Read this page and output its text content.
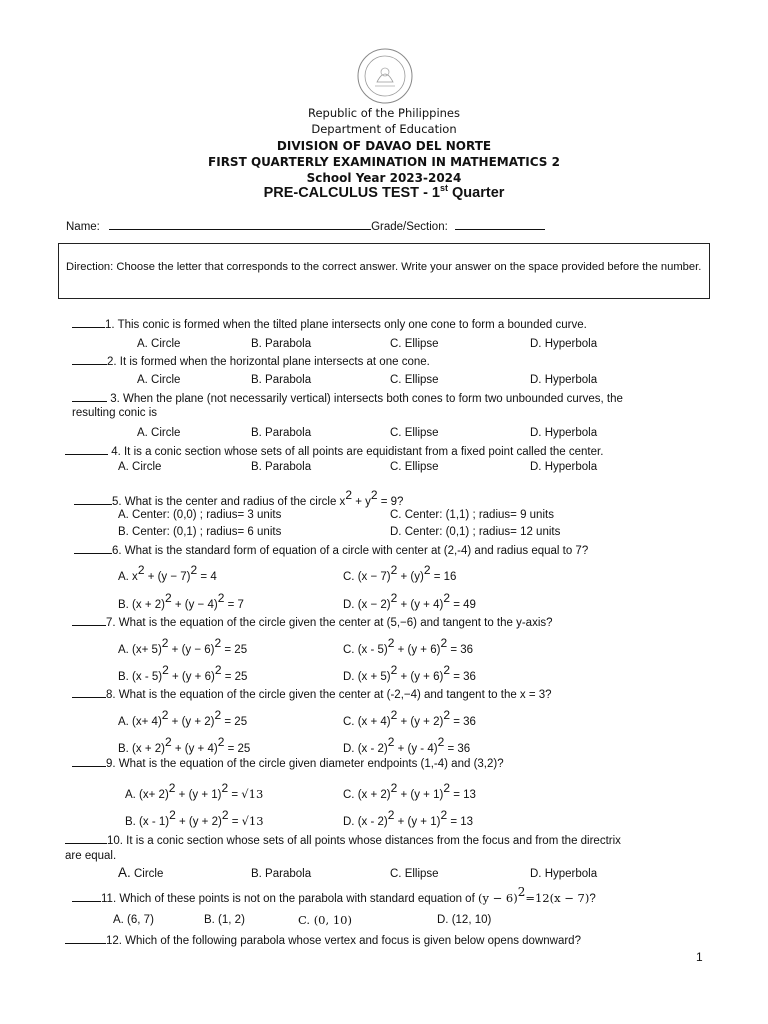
Republic of the Philippines
Department of Education
DIVISION OF DAVAO DEL NORTE
FIRST QUARTERLY EXAMINATION IN MATHEMATICS 2
School Year 2023-2024
PRE-CALCULUS TEST - 1st Quarter
Name:	Grade/Section:
Direction: Choose the letter that corresponds to the correct answer. Write your answer on the space provided before the number.
1. This conic is formed when the tilted plane intersects only one cone to form a bounded curve.
A. Circle	B. Parabola	C. Ellipse	D. Hyperbola
2. It is formed when the horizontal plane intersects at one cone.
A. Circle	B. Parabola	C. Ellipse	D. Hyperbola
3. When the plane (not necessarily vertical) intersects both cones to form two unbounded curves, the
resulting conic is
A. Circle	B. Parabola	C. Ellipse	D. Hyperbola
4. It is a conic section whose sets of all points are equidistant from a fixed point called the center.
A. Circle	B. Parabola	C. Ellipse	D. Hyperbola
5. What is the center and radius of the circle x2 + y2 = 9?
A. Center: (0,0) ; radius= 3 units	C. Center: (1,1) ; radius= 9 units
B. Center: (0,1) ; radius= 6 units	D. Center: (0,1) ; radius= 12 units
6. What is the standard form of equation of a circle with center at (2,-4) and radius equal to 7?
A. x2 + (y − 7)2 = 4	C. (x − 7)2 + (y)2 = 16
B. (x + 2)2 + (y − 4)2 = 7	D. (x − 2)2 + (y + 4)2 = 49
7. What is the equation of the circle given the center at (5,−6) and tangent to the y-axis?
A. (x+ 5)2 + (y − 6)2 = 25	C. (x - 5)2 + (y + 6)2 = 36
B. (x - 5)2 + (y + 6)2 = 25	D. (x + 5)2 + (y + 6)2 = 36
8. What is the equation of the circle given the center at (-2,−4) and tangent to the x = 3?
A. (x+ 4)2 + (y + 2)2 = 25	C. (x + 4)2 + (y + 2)2 = 36
B. (x + 2)2 + (y + 4)2 = 25	D. (x - 2)2 + (y - 4)2 = 36
9. What is the equation of the circle given diameter endpoints (1,-4) and (3,2)?
A. (x+ 2)2 + (y + 1)2 = √13	C. (x + 2)2 + (y + 1)2 = 13
B. (x - 1)2 + (y + 2)2 = √13	D. (x - 2)2 + (y + 1)2 = 13
10. It is a conic section whose sets of all points whose distances from the focus and from the directrix
are equal.
A. Circle	B. Parabola	C. Ellipse	D. Hyperbola
11. Which of these points is not on the parabola with standard equation of (y − 6)2=12(x − 7)?
A. (6, 7)	B. (1, 2)	C. (0, 10)	D. (12, 10)
12. Which of the following parabola whose vertex and focus is given below opens downward?
1
